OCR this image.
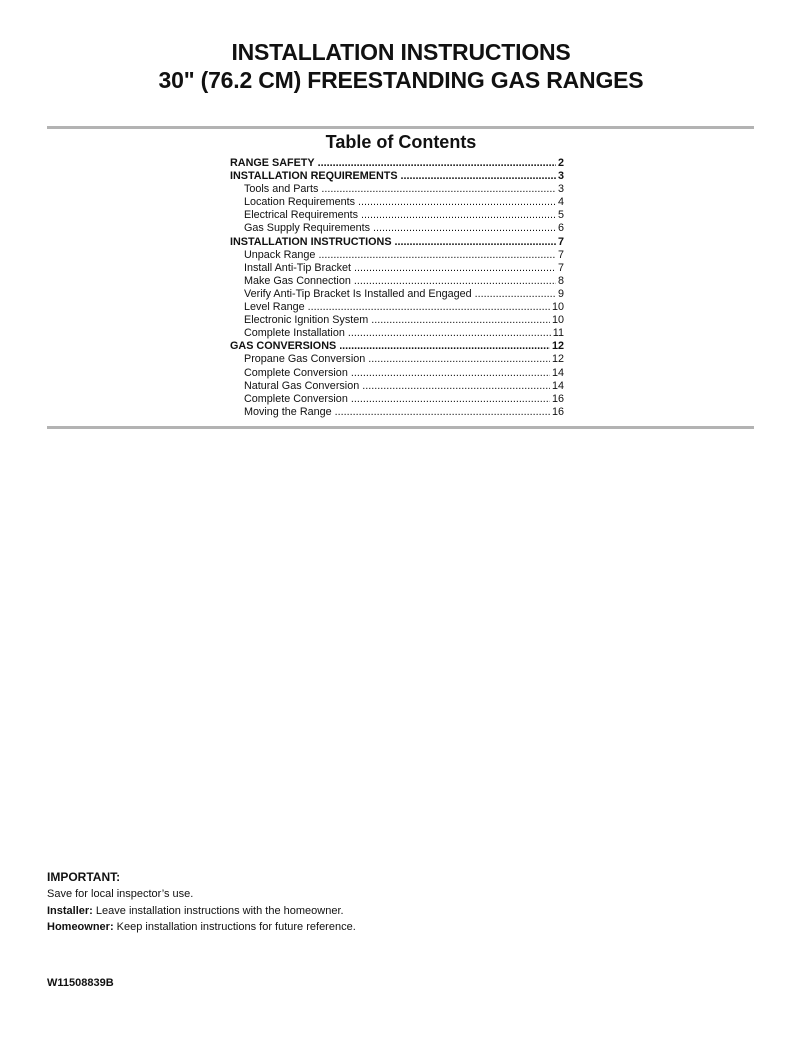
INSTALLATION INSTRUCTIONS
30" (76.2 CM) FREESTANDING GAS RANGES
Table of Contents
RANGE SAFETY .....	2
INSTALLATION REQUIREMENTS .....	3
Tools and Parts .....	3
Location Requirements .....	4
Electrical Requirements .....	5
Gas Supply Requirements .....	6
INSTALLATION INSTRUCTIONS .....	7
Unpack Range .....	7
Install Anti-Tip Bracket .....	7
Make Gas Connection .....	8
Verify Anti-Tip Bracket Is Installed and Engaged .....	9
Level Range .....	10
Electronic Ignition System .....	10
Complete Installation .....	11
GAS CONVERSIONS .....	12
Propane Gas Conversion .....	12
Complete Conversion .....	14
Natural Gas Conversion .....	14
Complete Conversion .....	16
Moving the Range .....	16
IMPORTANT:
Save for local inspector’s use.
Installer: Leave installation instructions with the homeowner.
Homeowner: Keep installation instructions for future reference.
W11508839B
